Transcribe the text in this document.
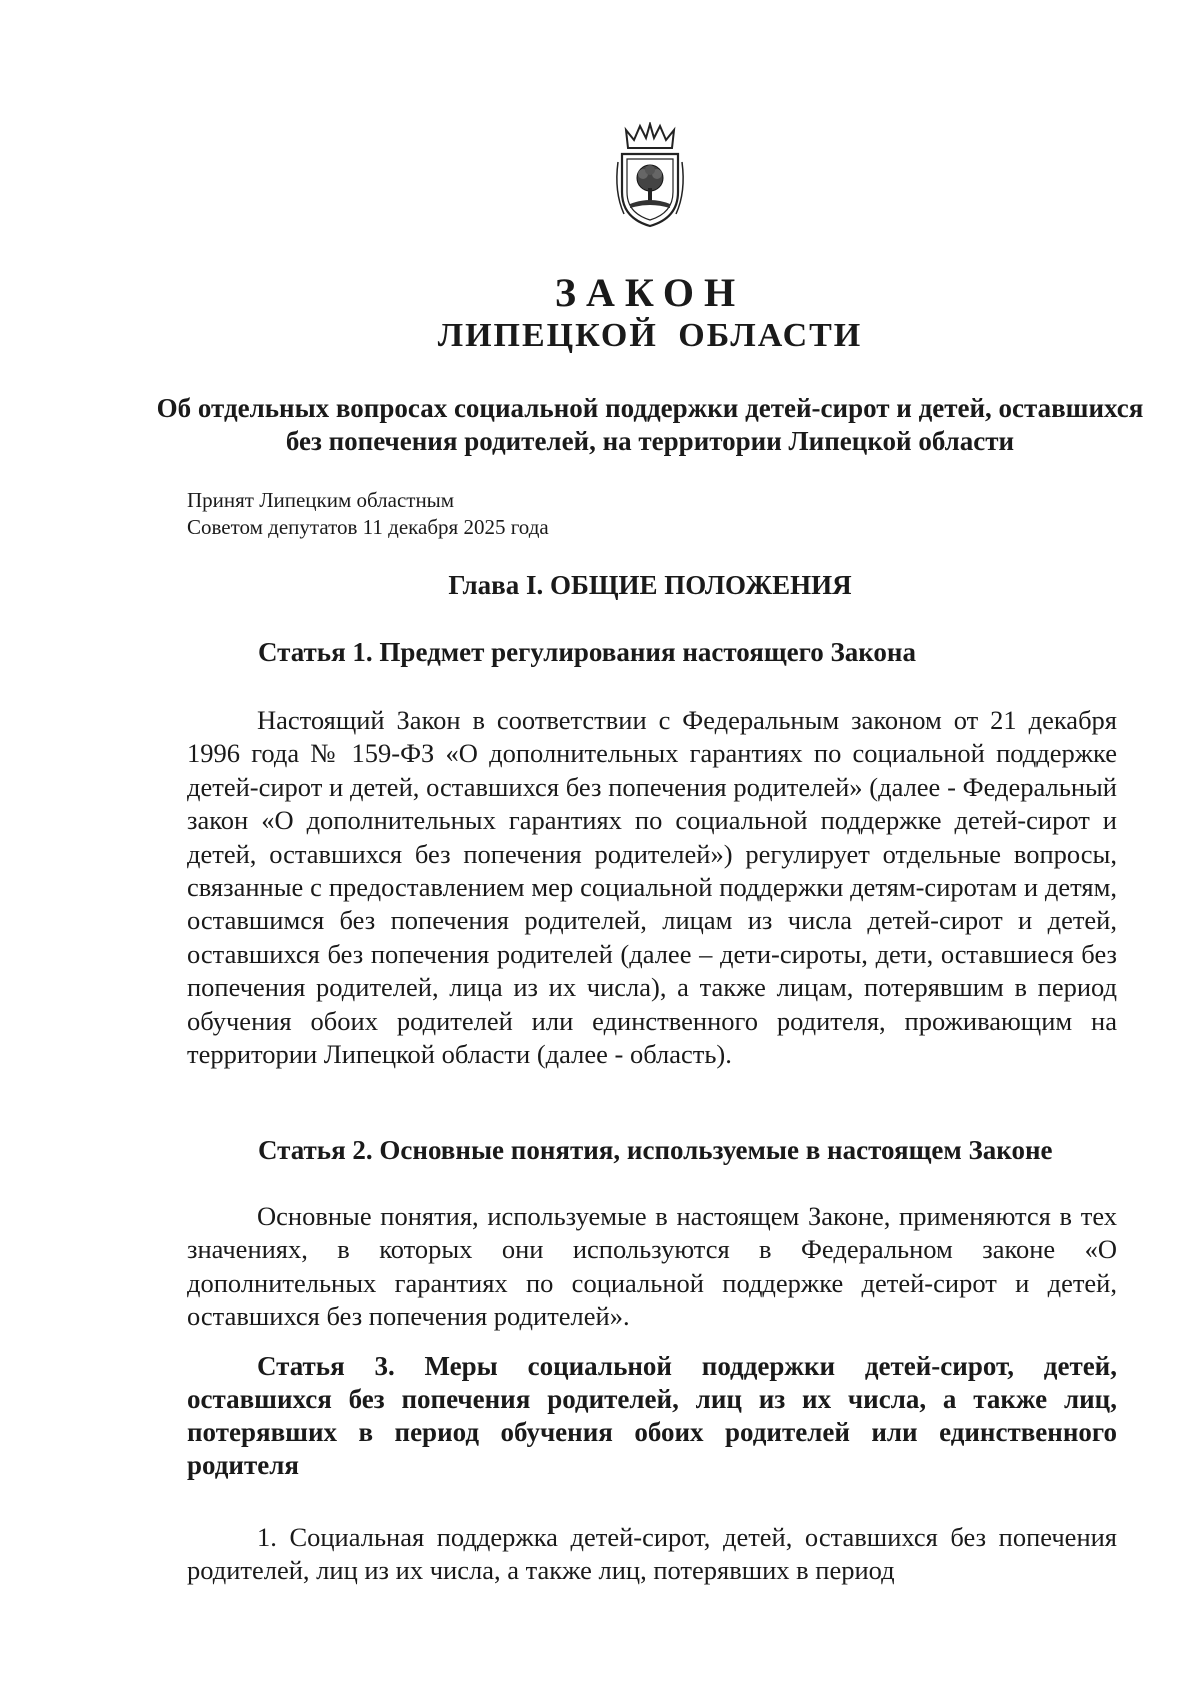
ЗАКОН
ЛИПЕЦКОЙ ОБЛАСТИ

Об отдельных вопросах социальной поддержки детей-сирот и детей, оставшихся без попечения родителей, на территории Липецкой области

Принят Липецким областным
Советом депутатов 11 декабря 2025 года
Глава I. ОБЩИЕ ПОЛОЖЕНИЯ
Статья 1. Предмет регулирования настоящего Закона

Настоящий Закон в соответствии с Федеральным законом от 21 декабря 1996 года № 159-ФЗ «О дополнительных гарантиях по социальной поддержке детей-сирот и детей, оставшихся без попечения родителей» (далее - Федеральный закон «О дополнительных гарантиях по социальной поддержке детей-сирот и детей, оставшихся без попечения родителей») регулирует отдельные вопросы, связанные с предоставлением мер социальной поддержки детям-сиротам и детям, оставшимся без попечения родителей, лицам из числа детей-сирот и детей, оставшихся без попечения родителей (далее – дети-сироты, дети, оставшиеся без попечения родителей, лица из их числа), а также лицам, потерявшим в период обучения обоих родителей или единственного родителя, проживающим на территории Липецкой области (далее - область).

Статья 2. Основные понятия, используемые в настоящем Законе

Основные понятия, используемые в настоящем Законе, применяются в тех значениях, в которых они используются в Федеральном законе «О дополнительных гарантиях по социальной поддержке детей-сирот и детей, оставшихся без попечения родителей».

Статья 3. Меры социальной поддержки детей-сирот, детей, оставшихся без попечения родителей, лиц из их числа, а также лиц, потерявших в период обучения обоих родителей или единственного родителя

1. Социальная поддержка детей-сирот, детей, оставшихся без попечения родителей, лиц из их числа, а также лиц, потерявших в период
